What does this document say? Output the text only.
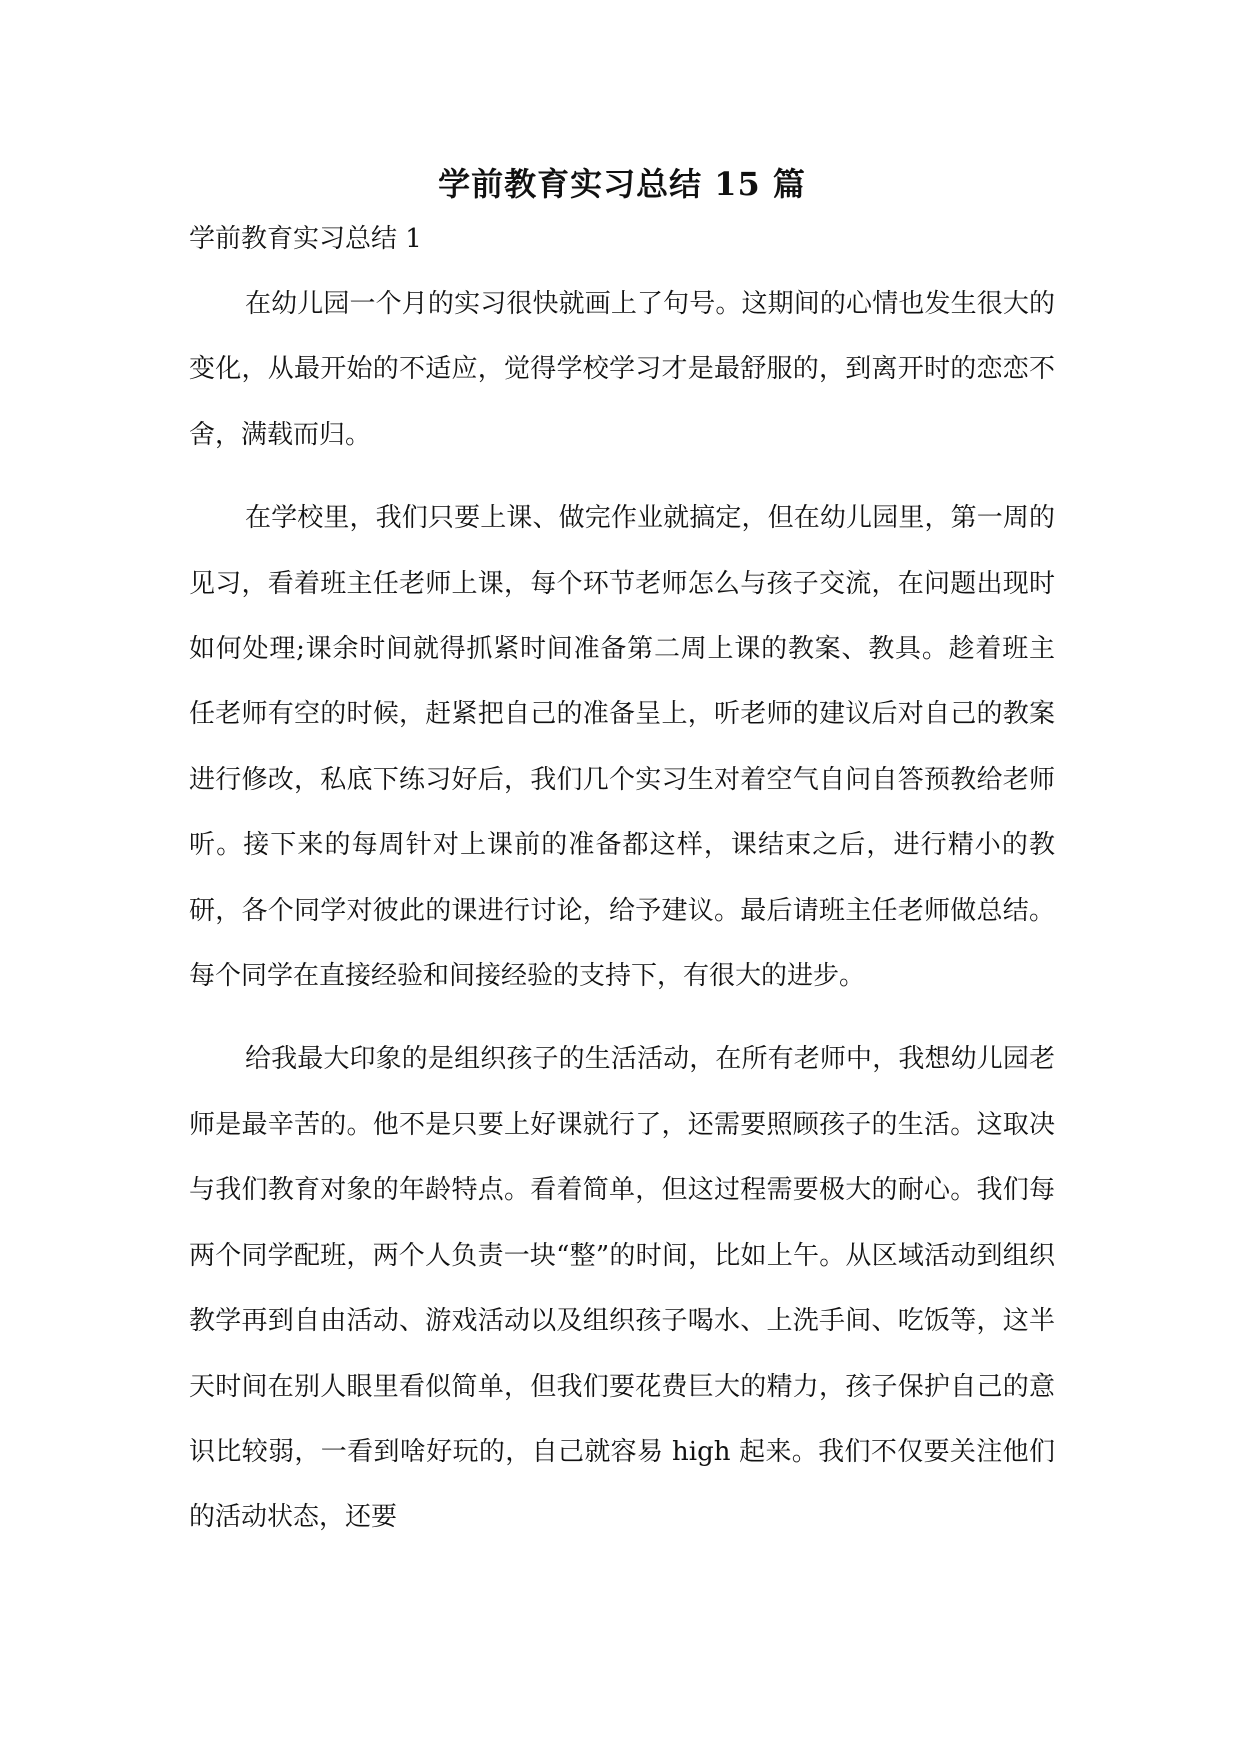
学前教育实习总结 15 篇
学前教育实习总结 1

在幼儿园一个月的实习很快就画上了句号。这期间的心情也发生很大的变化，从最开始的不适应，觉得学校学习才是最舒服的，到离开时的恋恋不舍，满载而归。

在学校里，我们只要上课、做完作业就搞定，但在幼儿园里，第一周的见习，看着班主任老师上课，每个环节老师怎么与孩子交流，在问题出现时如何处理;课余时间就得抓紧时间准备第二周上课的教案、教具。趁着班主任老师有空的时候，赶紧把自己的准备呈上，听老师的建议后对自己的教案进行修改，私底下练习好后，我们几个实习生对着空气自问自答预教给老师听。接下来的每周针对上课前的准备都这样，课结束之后，进行精小的教研，各个同学对彼此的课进行讨论，给予建议。最后请班主任老师做总结。每个同学在直接经验和间接经验的支持下，有很大的进步。

给我最大印象的是组织孩子的生活活动，在所有老师中，我想幼儿园老师是最辛苦的。他不是只要上好课就行了，还需要照顾孩子的生活。这取决与我们教育对象的年龄特点。看着简单，但这过程需要极大的耐心。我们每两个同学配班，两个人负责一块“整”的时间，比如上午。从区域活动到组织教学再到自由活动、游戏活动以及组织孩子喝水、上洗手间、吃饭等，这半天时间在别人眼里看似简单，但我们要花费巨大的精力，孩子保护自己的意识比较弱，一看到啥好玩的，自己就容易 high 起来。我们不仅要关注他们的活动状态，还要
